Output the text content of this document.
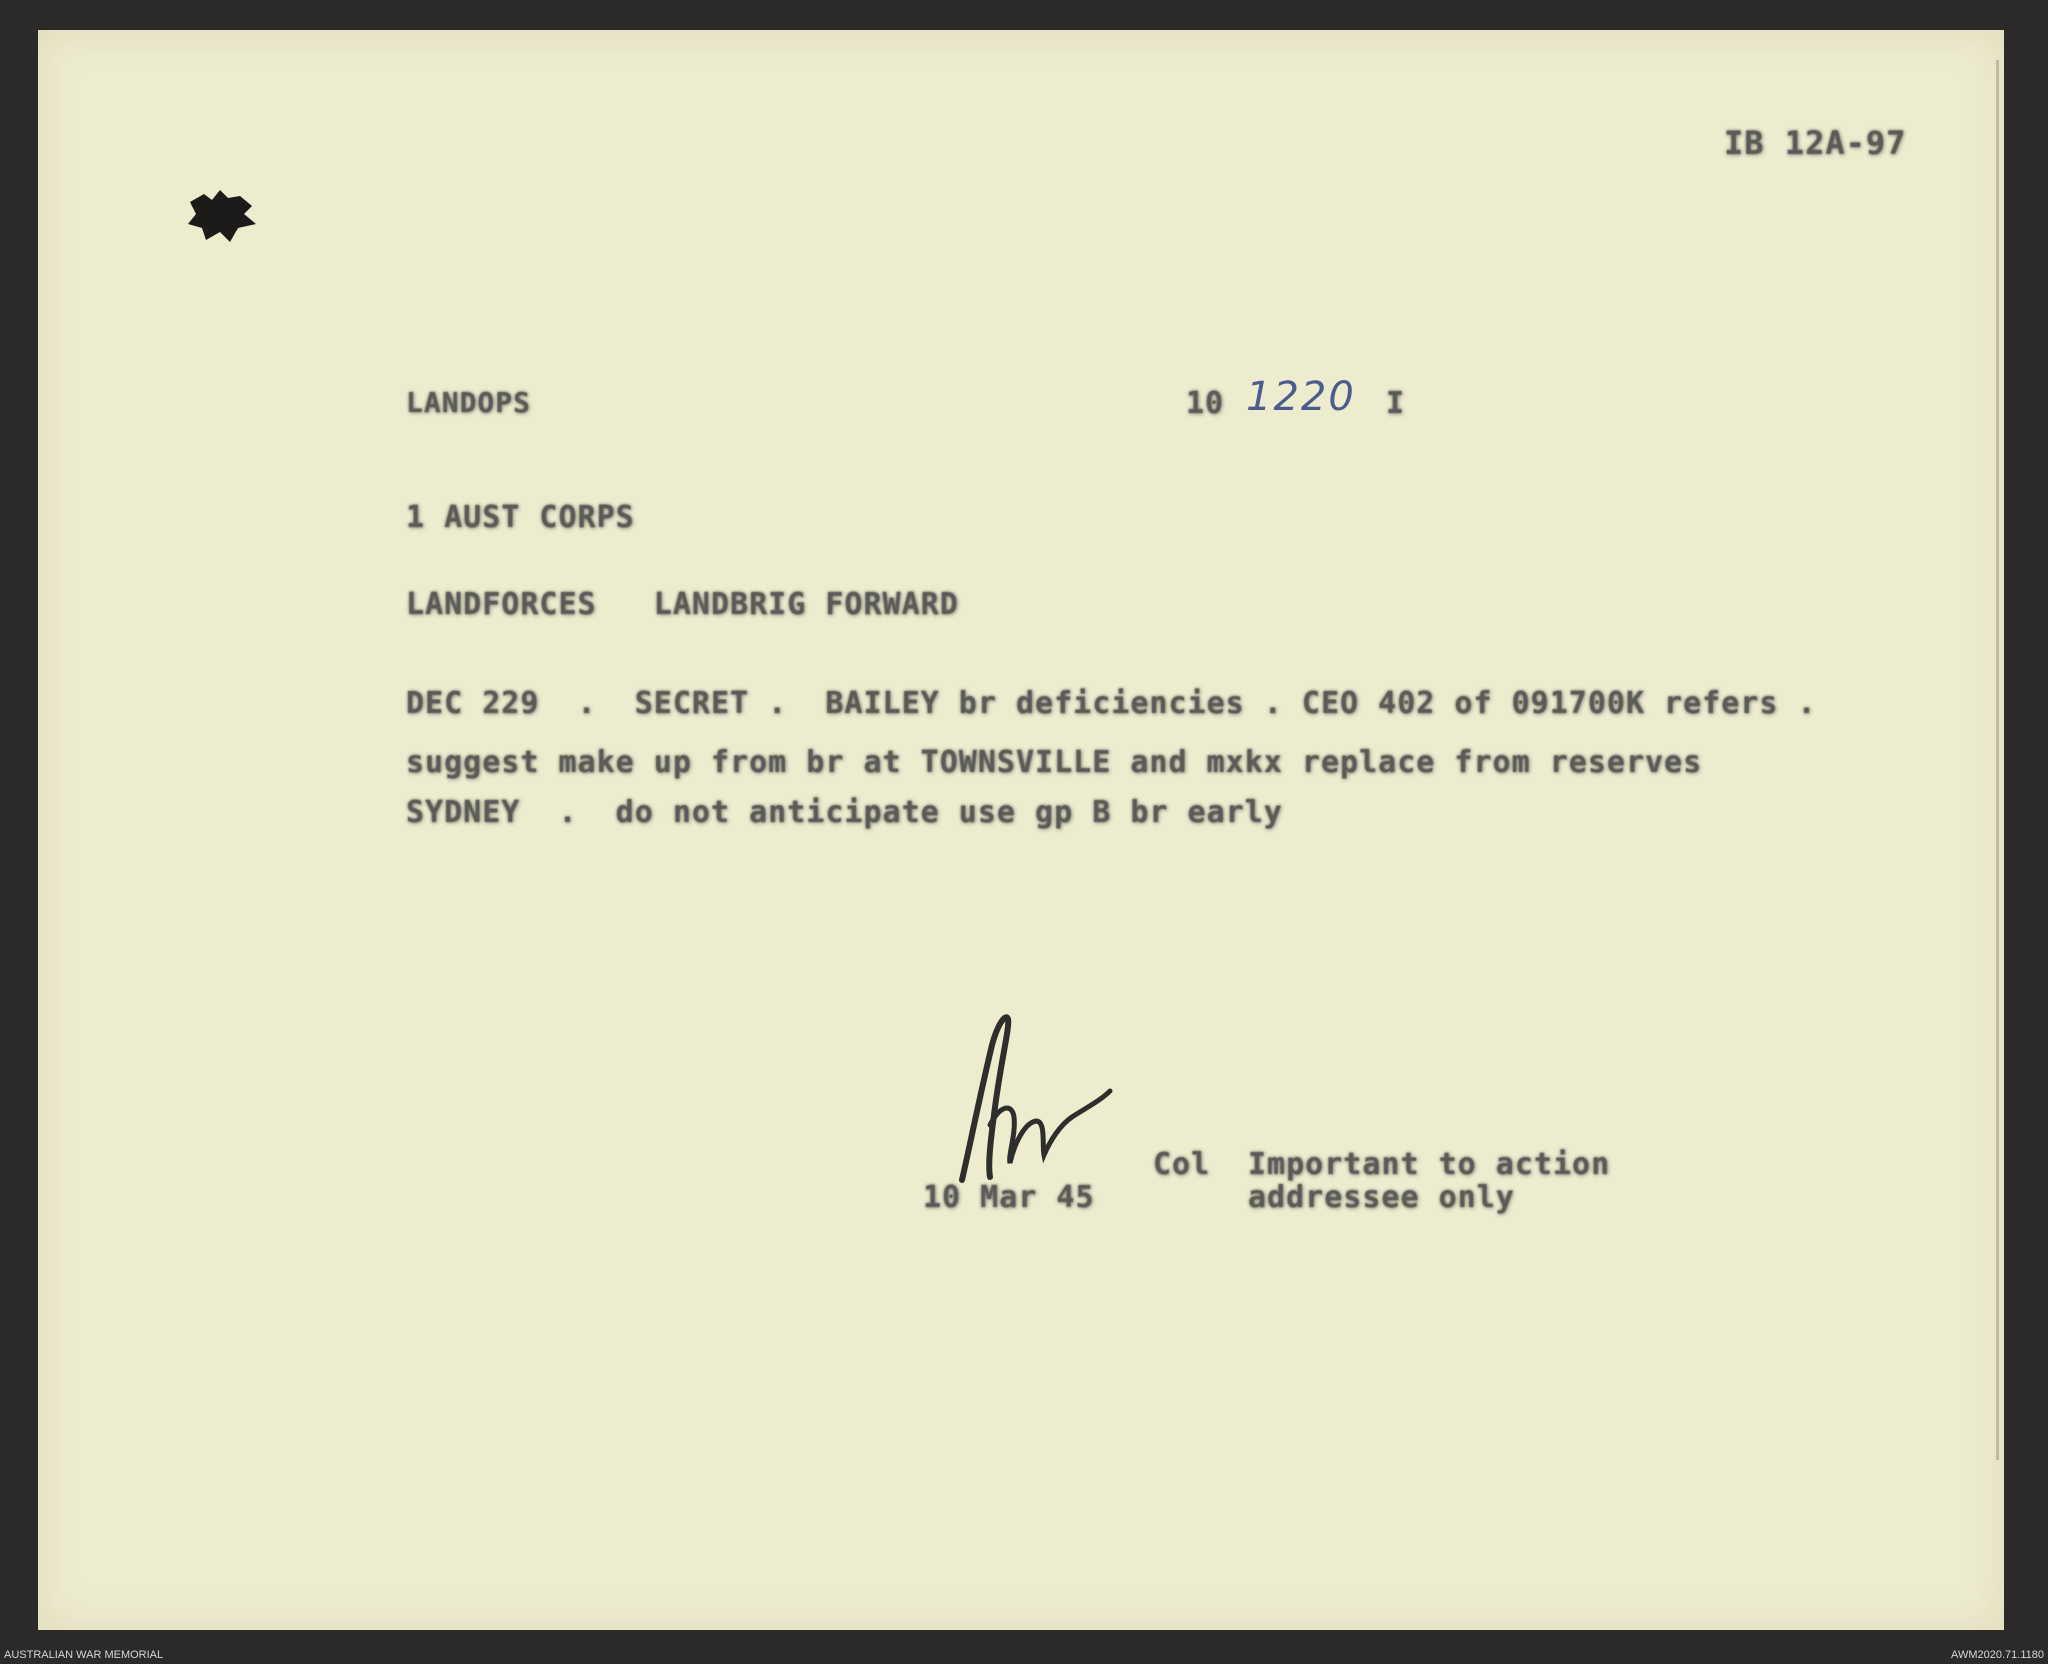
IB 12A-97
LANDOPS	10 1220 I
1 AUST CORPS
LANDFORCES   LANDBRIG FORWARD
DEC 229  .  SECRET .  BAILEY br deficiencies . CEO 402 of 091700K refers .
suggest make up from br at TOWNSVILLE and mxkx replace from reserves
SYDNEY  .  do not anticipate use gp B br early
Col
10 Mar 45
Important to action
addressee only
AUSTRALIAN WAR MEMORIAL	AWM2020.71.1180
